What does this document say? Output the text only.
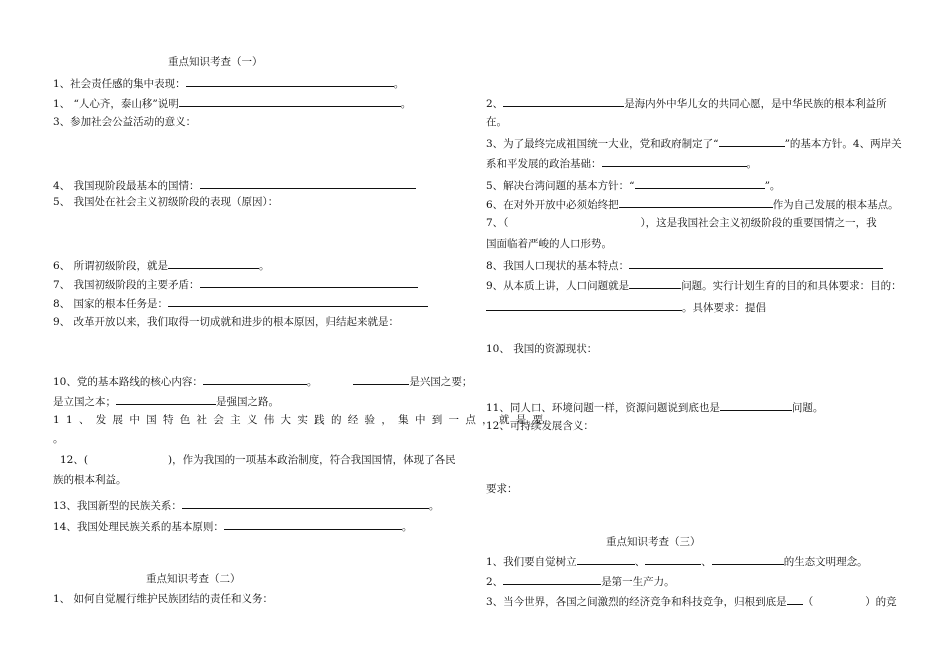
重点知识考查（一）
1、社会责任感的集中表现：	。
1、 “人心齐，泰山移”说明	。
3、参加社会公益活动的意义：
4、 我国现阶段最基本的国情：
5、 我国处在社会主义初级阶段的表现（原因）：
6、 所谓初级阶段，就是	。
7、 我国初级阶段的主要矛盾：
8、 国家的根本任务是：
9、 改革开放以来，我们取得一切成就和进步的根本原因，归结起来就是：
10、党的基本路线的核心内容：	。	是兴国之要；
是立国之本；	是强国之路。
11、发展中国特色社会主义伟大实践的经验，集中到一点，就是要
。
12、(	)，作为我国的一项基本政治制度，符合我国国情，体现了各民
族的根本利益。
13、我国新型的民族关系：	。
14、我国处理民族关系的基本原则：	。
重点知识考查（二）
1、 如何自觉履行维护民族团结的责任和义务：
2、	是海内外中华儿女的共同心愿，是中华民族的根本利益所
在。
3、为了最终完成祖国统一大业，党和政府制定了“	”的基本方针。4、两岸关
系和平发展的政治基础：	。
5、解决台湾问题的基本方针：“	”。
6、在对外开放中必须始终把	作为自己发展的根本基点。
7、（	），这是我国社会主义初级阶段的重要国情之一，我
国面临着严峻的人口形势。
8、我国人口现状的基本特点：
9、从本质上讲，人口问题就是	问题。实行计划生育的目的和具体要求：目的：
。具体要求：提倡
10、 我国的资源现状：
11、同人口、环境问题一样，资源问题说到底也是	问题。
12、可持续发展含义：
要求：
重点知识考查（三）
1、我们要自觉树立	、	、	的生态文明理念。
2、	是第一生产力。
3、当今世界，各国之间激烈的经济竞争和科技竞争，归根到底是 （	）的竞
